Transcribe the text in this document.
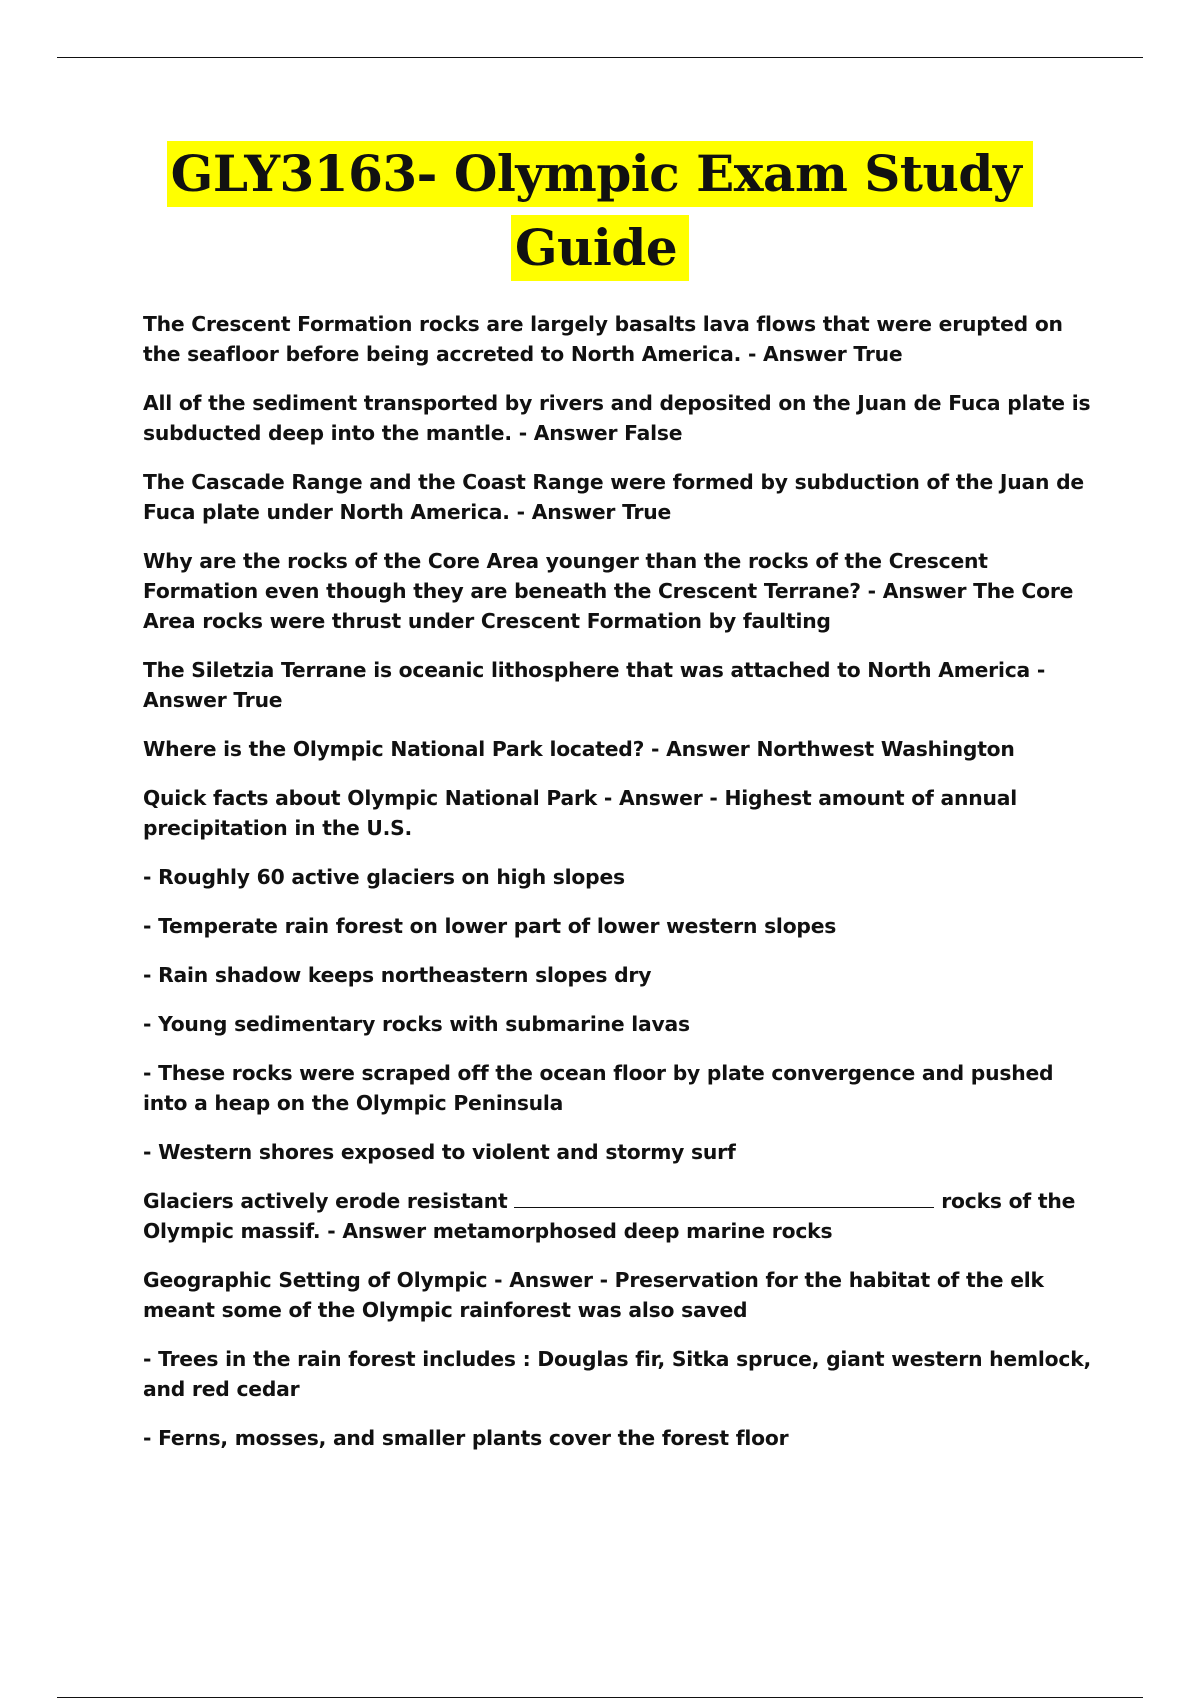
GLY3163- Olympic Exam Study
Guide

The Crescent Formation rocks are largely basalts lava flows that were erupted on the seafloor before being accreted to North America. - Answer True

All of the sediment transported by rivers and deposited on the Juan de Fuca plate is subducted deep into the mantle. - Answer False

The Cascade Range and the Coast Range were formed by subduction of the Juan de Fuca plate under North America. - Answer True

Why are the rocks of the Core Area younger than the rocks of the Crescent Formation even though they are beneath the Crescent Terrane? - Answer The Core Area rocks were thrust under Crescent Formation by faulting

The Siletzia Terrane is oceanic lithosphere that was attached to North America - Answer True

Where is the Olympic National Park located? - Answer Northwest Washington

Quick facts about Olympic National Park - Answer - Highest amount of annual precipitation in the U.S.

- Roughly 60 active glaciers on high slopes

- Temperate rain forest on lower part of lower western slopes

- Rain shadow keeps northeastern slopes dry

- Young sedimentary rocks with submarine lavas

- These rocks were scraped off the ocean floor by plate convergence and pushed into a heap on the Olympic Peninsula

- Western shores exposed to violent and stormy surf

Glaciers actively erode resistant	rocks of the Olympic massif. - Answer metamorphosed deep marine rocks

Geographic Setting of Olympic - Answer - Preservation for the habitat of the elk meant some of the Olympic rainforest was also saved

- Trees in the rain forest includes : Douglas fir, Sitka spruce, giant western hemlock, and red cedar

- Ferns, mosses, and smaller plants cover the forest floor
